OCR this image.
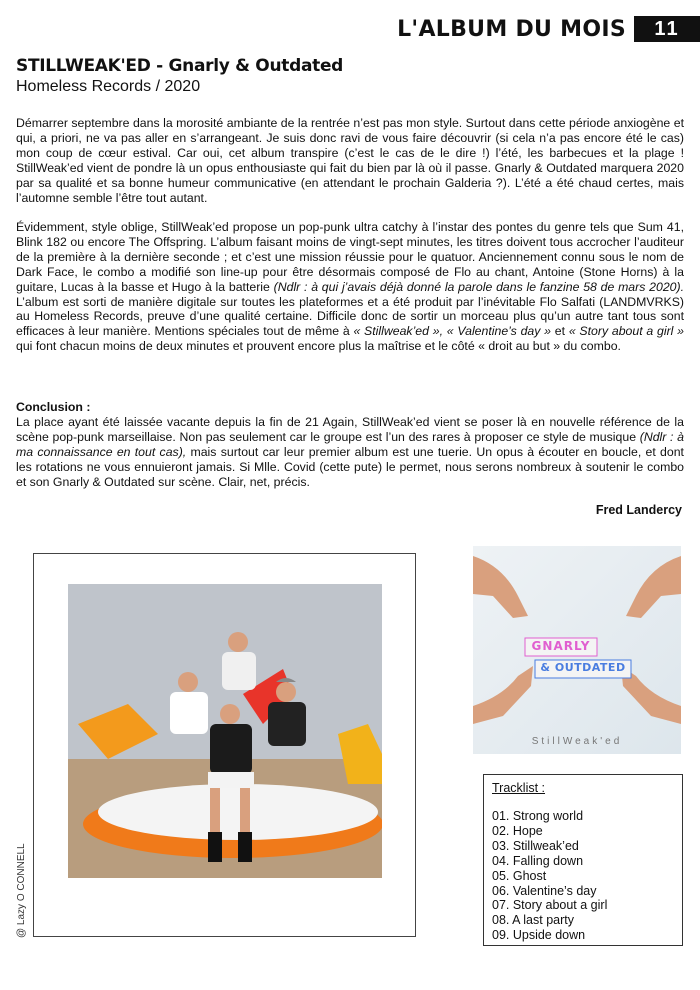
L'ALBUM DU MOIS	11
STILLWEAK'ED - Gnarly & Outdated
Homeless Records / 2020

Démarrer septembre dans la morosité ambiante de la rentrée n’est pas mon style. Surtout dans cette période anxiogène et qui, a priori, ne va pas aller en s’arrangeant. Je suis donc ravi de vous faire découvrir (si cela n’a pas encore été le cas) mon coup de cœur estival. Car oui, cet album transpire (c’est le cas de le dire !) l’été, les barbecues et la plage ! StillWeak’ed vient de pondre là un opus enthousiaste qui fait du bien par là où il passe. Gnarly & Outdated marquera 2020 par sa qualité et sa bonne humeur communicative (en attendant le prochain Galderia ?). L’été a été chaud certes, mais l’automne semble l’être tout autant.

Évidemment, style oblige, StillWeak’ed propose un pop-punk ultra catchy à l’instar des pontes du genre tels que Sum 41, Blink 182 ou encore The Offspring. L’album faisant moins de vingt-sept minutes, les titres doivent tous accrocher l’auditeur de la première à la dernière seconde ; et c’est une mission réussie pour le quatuor. Anciennement connu sous le nom de Dark Face, le combo a modifié son line-up pour être désormais composé de Flo au chant, Antoine (Stone Horns) à la guitare, Lucas à la basse et Hugo à la batterie (Ndlr : à qui j’avais déjà donné la parole dans le fanzine 58 de mars 2020). L’album est sorti de manière digitale sur toutes les plateformes et a été produit par l’inévitable Flo Salfati (LANDMVRKS) au Homeless Records, preuve d’une qualité certaine. Difficile donc de sortir un morceau plus qu’un autre tant tous sont efficaces à leur manière. Mentions spéciales tout de même à « Stillweak’ed », « Valentine’s day » et « Story about a girl » qui font chacun moins de deux minutes et prouvent encore plus la maîtrise et le côté « droit au but » du combo.

Conclusion :

La place ayant été laissée vacante depuis la fin de 21 Again, StillWeak’ed vient se poser là en nouvelle référence de la scène pop-punk marseillaise. Non pas seulement car le groupe est l’un des rares à proposer ce style de musique (Ndlr : à ma connaissance en tout cas), mais surtout car leur premier album est une tuerie. Un opus à écouter en boucle, et dont les rotations ne vous ennuieront jamais. Si Mlle. Covid (cette pute) le permet, nous serons nombreux à soutenir le combo et son Gnarly & Outdated sur scène. Clair, net, précis.

Fred Landercy
@ Lazy O CONNELL
GNARLY
& OUTDATED
StillWeak'ed
Tracklist :
01. Strong world
02. Hope
03. Stillweak’ed
04. Falling down
05. Ghost
06. Valentine’s day
07. Story about a girl
08. A last party
09. Upside down
